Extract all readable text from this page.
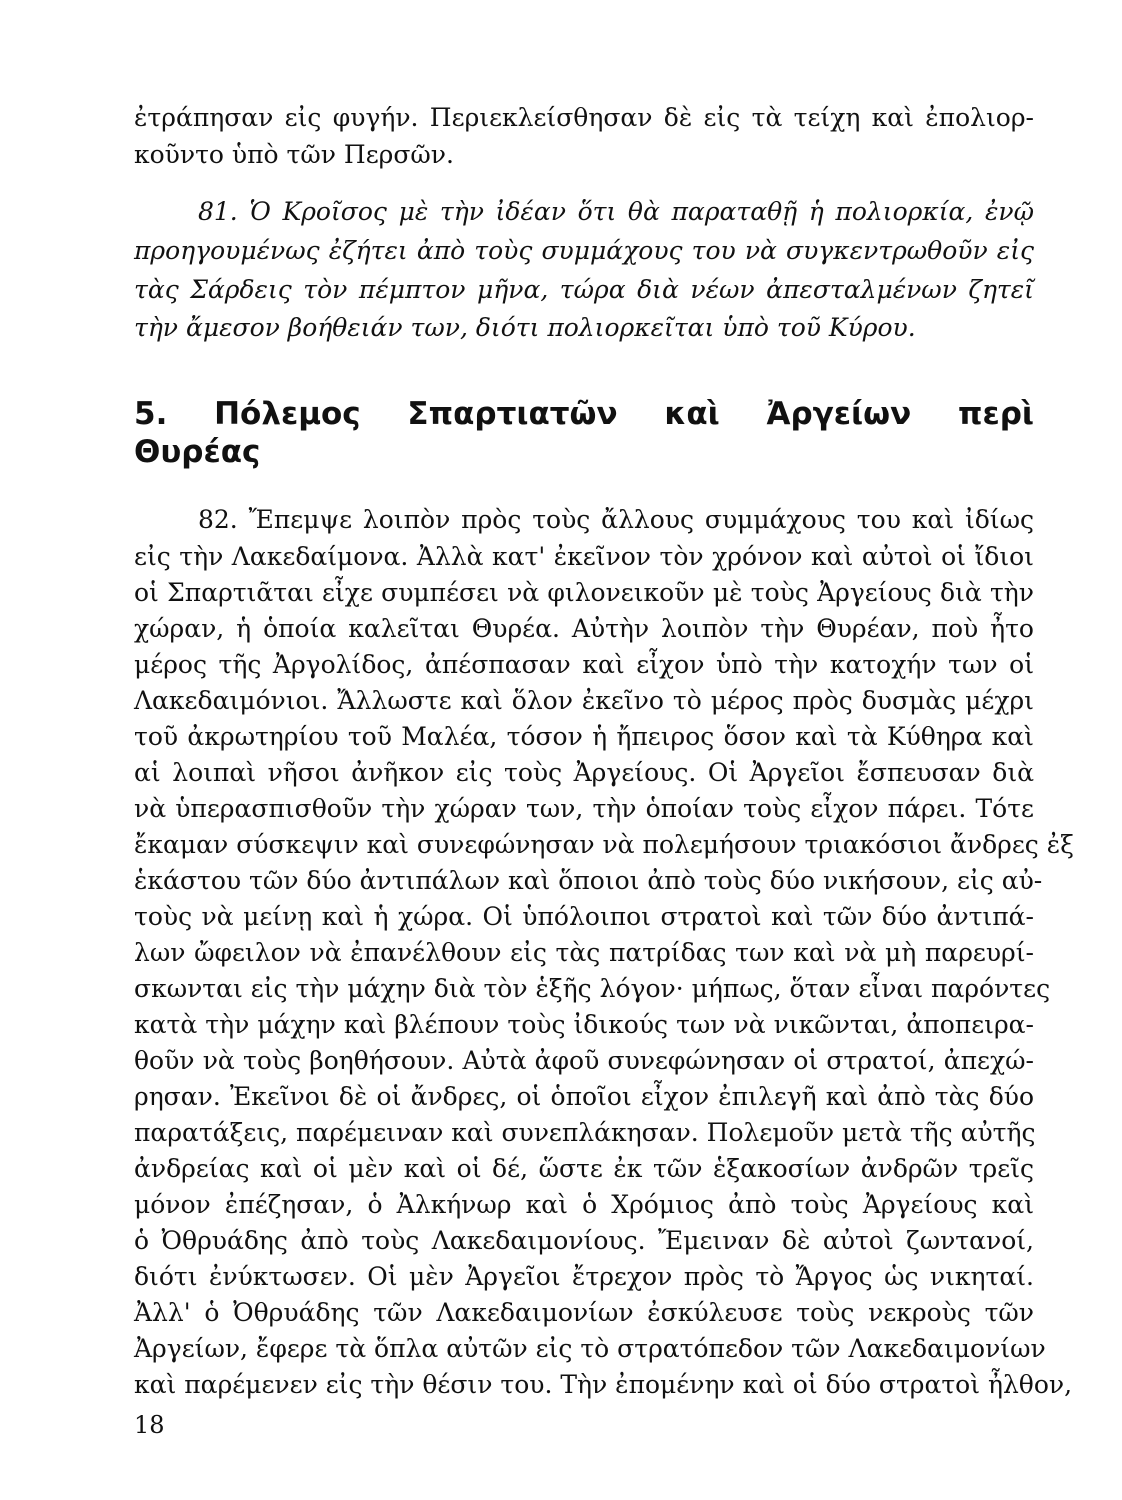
ἐτράπησαν εἰς φυγήν. Περιεκλείσθησαν δὲ εἰς τὰ τείχη καὶ ἐπολιορ-
κοῦντο ὑπὸ τῶν Περσῶν.
81. Ὁ Κροῖσος μὲ τὴν ἰδέαν ὅτι θὰ παραταθῇ ἡ πολιορκία, ἐνῷ
προηγουμένως ἐζήτει ἀπὸ τοὺς συμμάχους του νὰ συγκεντρωθοῦν εἰς
τὰς Σάρδεις τὸν πέμπτον μῆνα, τώρα διὰ νέων ἀπεσταλμένων ζητεῖ
τὴν ἄμεσον βοήθειάν των, διότι πολιορκεῖται ὑπὸ τοῦ Κύρου.
5. Πόλεμος Σπαρτιατῶν καὶ Ἀργείων περὶ
Θυρέας
82. Ἔπεμψε λοιπὸν πρὸς τοὺς ἄλλους συμμάχους του καὶ ἰδίως
εἰς τὴν Λακεδαίμονα. Ἀλλὰ κατ' ἐκεῖνον τὸν χρόνον καὶ αὐτοὶ οἱ ἴδιοι
οἱ Σπαρτιᾶται εἶχε συμπέσει νὰ φιλονεικοῦν μὲ τοὺς Ἀργείους διὰ τὴν
χώραν, ἡ ὁποία καλεῖται Θυρέα. Αὐτὴν λοιπὸν τὴν Θυρέαν, ποὺ ἦτο
μέρος τῆς Ἀργολίδος, ἀπέσπασαν καὶ εἶχον ὑπὸ τὴν κατοχήν των οἱ
Λακεδαιμόνιοι. Ἄλλωστε καὶ ὅλον ἐκεῖνο τὸ μέρος πρὸς δυσμὰς μέχρι
τοῦ ἀκρωτηρίου τοῦ Μαλέα, τόσον ἡ ἤπειρος ὅσον καὶ τὰ Κύθηρα καὶ
αἱ λοιπαὶ νῆσοι ἀνῆκον εἰς τοὺς Ἀργείους. Οἱ Ἀργεῖοι ἔσπευσαν διὰ
νὰ ὑπερασπισθοῦν τὴν χώραν των, τὴν ὁποίαν τοὺς εἶχον πάρει. Τότε
ἔκαμαν σύσκεψιν καὶ συνεφώνησαν νὰ πολεμήσουν τριακόσιοι ἄνδρες ἐξ
ἑκάστου τῶν δύο ἀντιπάλων καὶ ὅποιοι ἀπὸ τοὺς δύο νικήσουν, εἰς αὐ-
τοὺς νὰ μείνῃ καὶ ἡ χώρα. Οἱ ὑπόλοιποι στρατοὶ καὶ τῶν δύο ἀντιπά-
λων ὤφειλον νὰ ἐπανέλθουν εἰς τὰς πατρίδας των καὶ νὰ μὴ παρευρί-
σκωνται εἰς τὴν μάχην διὰ τὸν ἑξῆς λόγον· μήπως, ὅταν εἶναι παρόντες
κατὰ τὴν μάχην καὶ βλέπουν τοὺς ἰδικούς των νὰ νικῶνται, ἀποπειρα-
θοῦν νὰ τοὺς βοηθήσουν. Αὐτὰ ἀφοῦ συνεφώνησαν οἱ στρατοί, ἀπεχώ-
ρησαν. Ἐκεῖνοι δὲ οἱ ἄνδρες, οἱ ὁποῖοι εἶχον ἐπιλεγῆ καὶ ἀπὸ τὰς δύο
παρατάξεις, παρέμειναν καὶ συνεπλάκησαν. Πολεμοῦν μετὰ τῆς αὐτῆς
ἀνδρείας καὶ οἱ μὲν καὶ οἱ δέ, ὥστε ἐκ τῶν ἑξακοσίων ἀνδρῶν τρεῖς
μόνον ἐπέζησαν, ὁ Ἀλκήνωρ καὶ ὁ Χρόμιος ἀπὸ τοὺς Ἀργείους καὶ
ὁ Ὀθρυάδης ἀπὸ τοὺς Λακεδαιμονίους. Ἔμειναν δὲ αὐτοὶ ζωντανοί,
διότι ἐνύκτωσεν. Οἱ μὲν Ἀργεῖοι ἔτρεχον πρὸς τὸ Ἄργος ὡς νικηταί.
Ἀλλ' ὁ Ὀθρυάδης τῶν Λακεδαιμονίων ἐσκύλευσε τοὺς νεκροὺς τῶν
Ἀργείων, ἔφερε τὰ ὅπλα αὐτῶν εἰς τὸ στρατόπεδον τῶν Λακεδαιμονίων
καὶ παρέμενεν εἰς τὴν θέσιν του. Τὴν ἐπομένην καὶ οἱ δύο στρατοὶ ἦλθον,
18
